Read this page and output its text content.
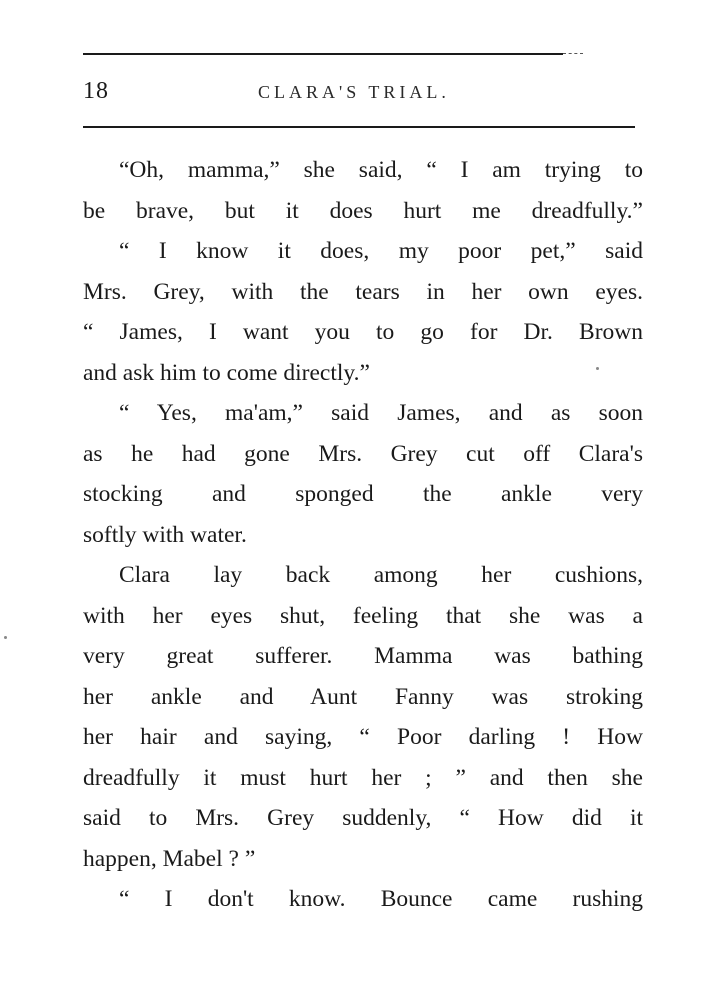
18	CLARA'S TRIAL.
“Oh, mamma,” she said, “ I am trying to
be brave, but it does hurt me dreadfully.”
“ I know it does, my poor pet,” said
Mrs. Grey, with the tears in her own eyes.
“ James, I want you to go for Dr. Brown
and ask him to come directly.”
“ Yes, ma'am,” said James, and as soon
as he had gone Mrs. Grey cut off Clara's
stocking and sponged the ankle very
softly with water.
Clara lay back among her cushions,
with her eyes shut, feeling that she was a
very great sufferer. Mamma was bathing
her ankle and Aunt Fanny was stroking
her hair and saying, “ Poor darling ! How
dreadfully it must hurt her ; ” and then she
said to Mrs. Grey suddenly, “ How did it
happen, Mabel ? ”
“ I don't know. Bounce came rushing
